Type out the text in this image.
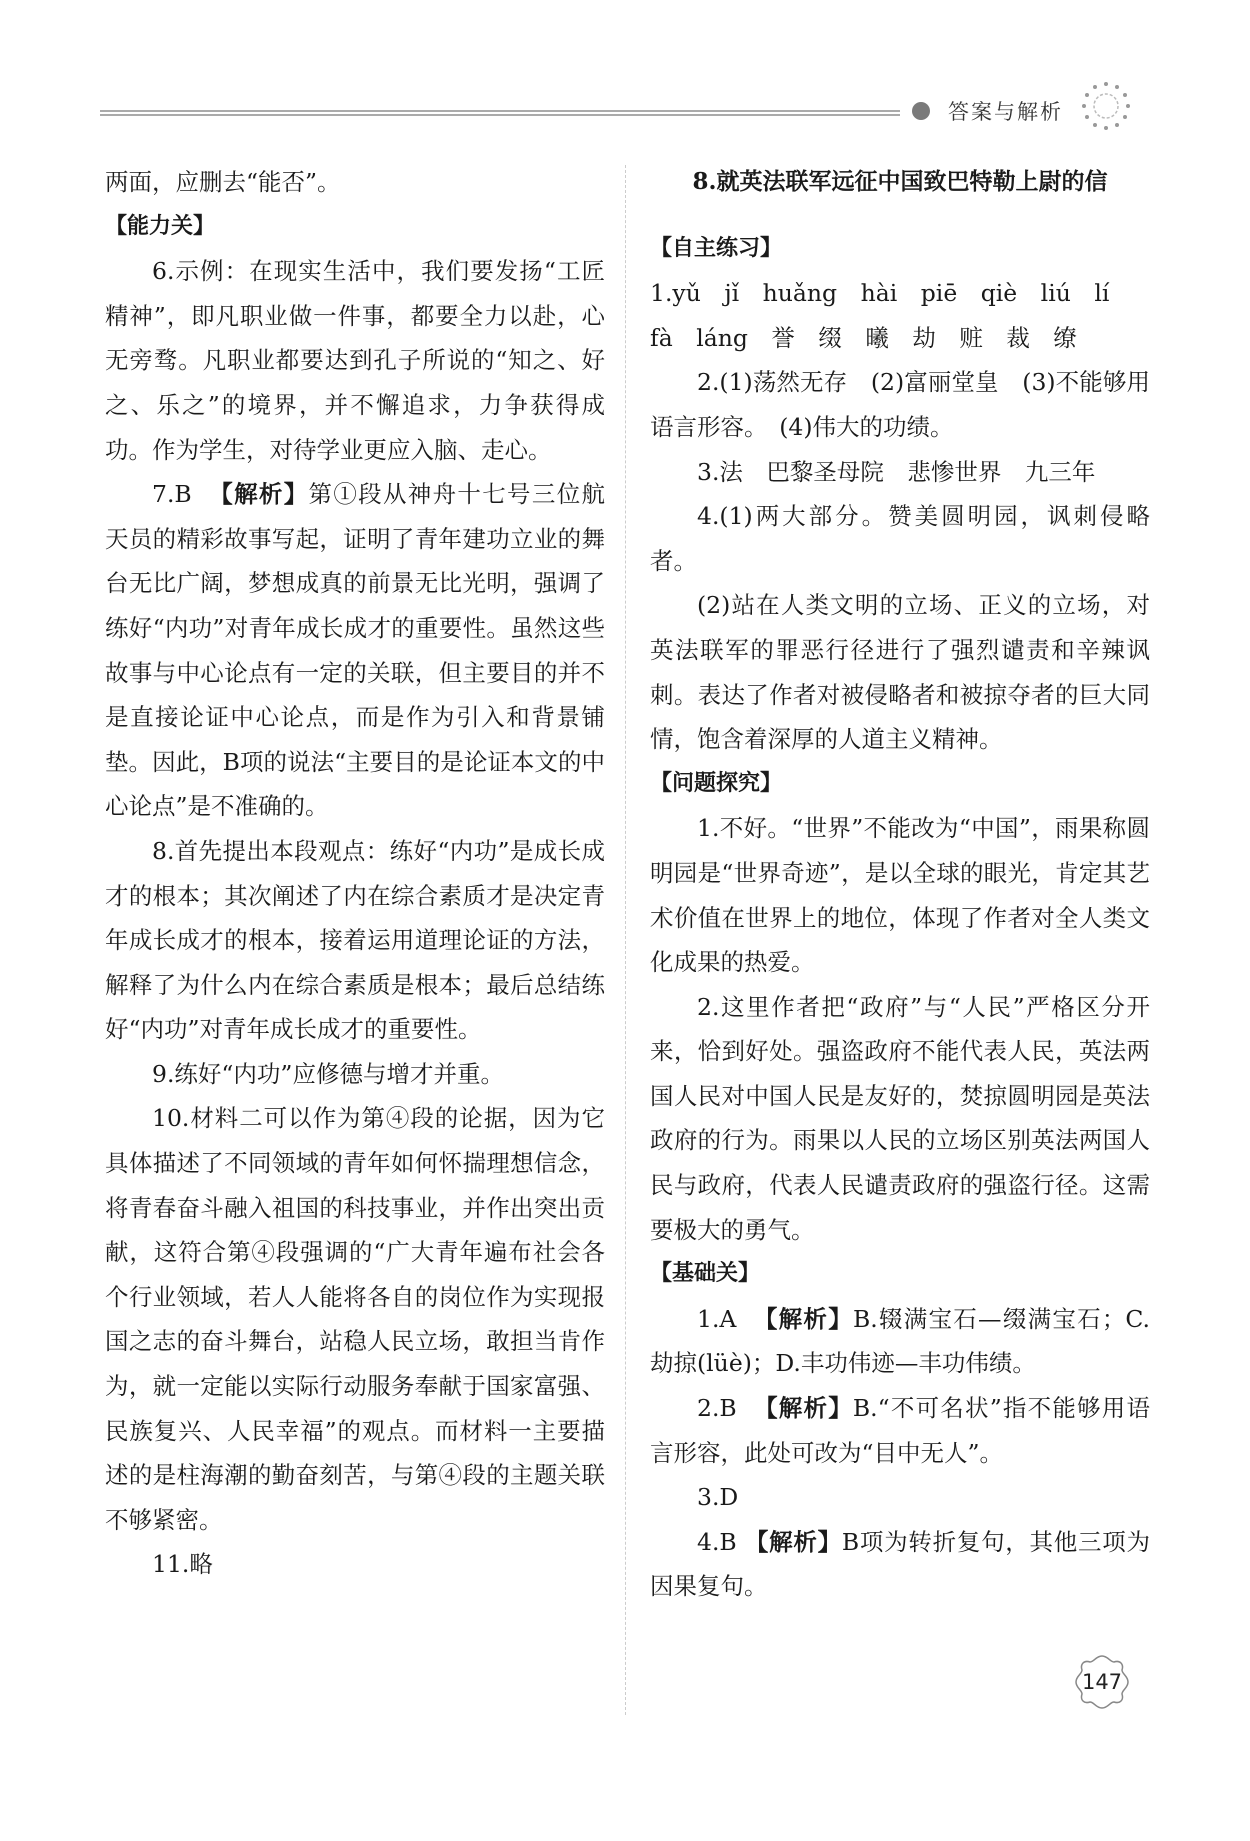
答案与解析

两面，应删去“能否”。

【能力关】

6.示例：在现实生活中，我们要发扬“工匠精神”，即凡职业做一件事，都要全力以赴，心无旁骛。凡职业都要达到孔子所说的“知之、好之、乐之”的境界，并不懈追求，力争获得成功。作为学生，对待学业更应入脑、走心。

7.B 【解析】第①段从神舟十七号三位航天员的精彩故事写起，证明了青年建功立业的舞台无比广阔，梦想成真的前景无比光明，强调了练好“内功”对青年成长成才的重要性。虽然这些故事与中心论点有一定的关联，但主要目的并不是直接论证中心论点，而是作为引入和背景铺垫。因此，B项的说法“主要目的是论证本文的中心论点”是不准确的。

8.首先提出本段观点：练好“内功”是成长成才的根本；其次阐述了内在综合素质才是决定青年成长成才的根本，接着运用道理论证的方法，解释了为什么内在综合素质是根本；最后总结练好“内功”对青年成长成才的重要性。

9.练好“内功”应修德与增才并重。

10.材料二可以作为第④段的论据，因为它具体描述了不同领域的青年如何怀揣理想信念，将青春奋斗融入祖国的科技事业，并作出突出贡献，这符合第④段强调的“广大青年遍布社会各个行业领域，若人人能将各自的岗位作为实现报国之志的奋斗舞台，站稳人民立场，敢担当肯作为，就一定能以实际行动服务奉献于国家富强、民族复兴、人民幸福”的观点。而材料一主要描述的是柱海潮的勤奋刻苦，与第④段的主题关联不够紧密。

11.略

8.就英法联军远征中国致巴特勒上尉的信

【自主练习】

1.yǔ　jǐ　huǎng　hài　piē　qiè　liú　lí

fà　láng　誉　缀　曦　劫　赃　裁　缭

2.(1)荡然无存　(2)富丽堂皇　(3)不能够用语言形容。　(4)伟大的功绩。

3.法　巴黎圣母院　悲惨世界　九三年

4.(1)两大部分。赞美圆明园，讽刺侵略者。

(2)站在人类文明的立场、正义的立场，对英法联军的罪恶行径进行了强烈谴责和辛辣讽刺。表达了作者对被侵略者和被掠夺者的巨大同情，饱含着深厚的人道主义精神。

【问题探究】

1.不好。“世界”不能改为“中国”，雨果称圆明园是“世界奇迹”，是以全球的眼光，肯定其艺术价值在世界上的地位，体现了作者对全人类文化成果的热爱。

2.这里作者把“政府”与“人民”严格区分开来，恰到好处。强盗政府不能代表人民，英法两国人民对中国人民是友好的，焚掠圆明园是英法政府的行为。雨果以人民的立场区别英法两国人民与政府，代表人民谴责政府的强盗行径。这需要极大的勇气。

【基础关】

1.A 【解析】B.辍满宝石—缀满宝石；C.劫掠(lüè)；D.丰功伟迹—丰功伟绩。

2.B 【解析】B.“不可名状”指不能够用语言形容，此处可改为“目中无人”。

3.D

4.B 【解析】B项为转折复句，其他三项为因果复句。

147
